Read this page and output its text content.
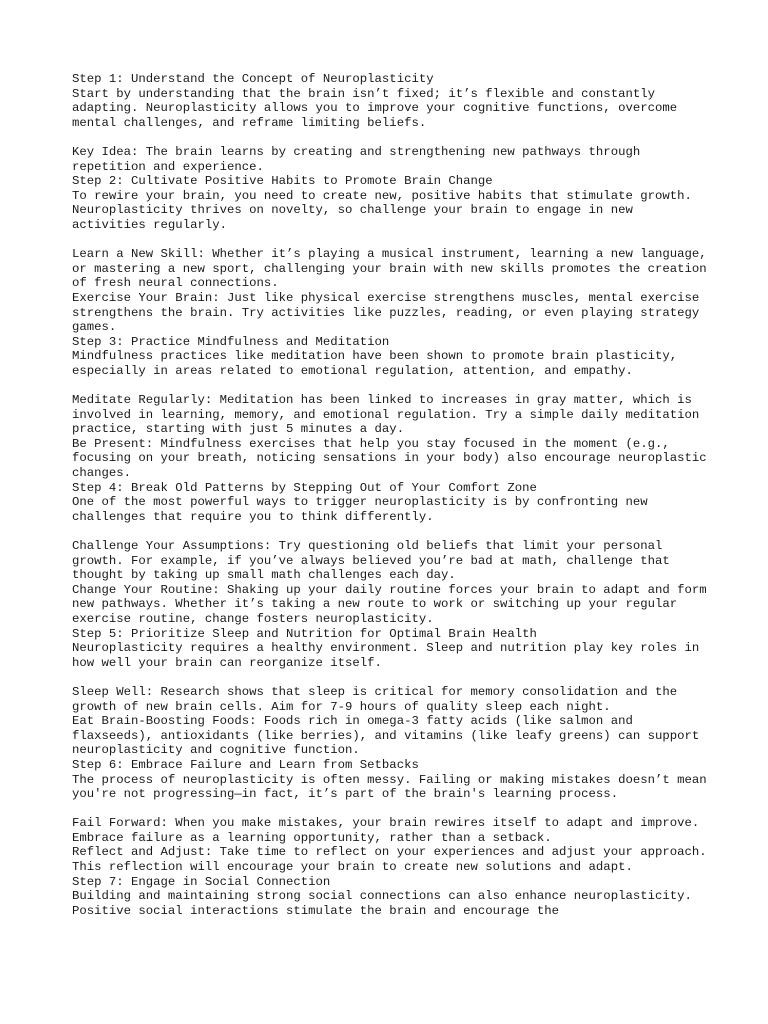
Step 1: Understand the Concept of Neuroplasticity

Start by understanding that the brain isn’t fixed; it’s flexible and constantly adapting. Neuroplasticity allows you to improve your cognitive functions, overcome mental challenges, and reframe limiting beliefs.

Key Idea: The brain learns by creating and strengthening new pathways through repetition and experience.

Step 2: Cultivate Positive Habits to Promote Brain Change

To rewire your brain, you need to create new, positive habits that stimulate growth. Neuroplasticity thrives on novelty, so challenge your brain to engage in new activities regularly.

Learn a New Skill: Whether it’s playing a musical instrument, learning a new language, or mastering a new sport, challenging your brain with new skills promotes the creation of fresh neural connections.

Exercise Your Brain: Just like physical exercise strengthens muscles, mental exercise strengthens the brain. Try activities like puzzles, reading, or even playing strategy games.

Step 3: Practice Mindfulness and Meditation

Mindfulness practices like meditation have been shown to promote brain plasticity, especially in areas related to emotional regulation, attention, and empathy.

Meditate Regularly: Meditation has been linked to increases in gray matter, which is involved in learning, memory, and emotional regulation. Try a simple daily meditation practice, starting with just 5 minutes a day.

Be Present: Mindfulness exercises that help you stay focused in the moment (e.g., focusing on your breath, noticing sensations in your body) also encourage neuroplastic changes.

Step 4: Break Old Patterns by Stepping Out of Your Comfort Zone

One of the most powerful ways to trigger neuroplasticity is by confronting new challenges that require you to think differently.

Challenge Your Assumptions: Try questioning old beliefs that limit your personal growth. For example, if you’ve always believed you’re bad at math, challenge that thought by taking up small math challenges each day.

Change Your Routine: Shaking up your daily routine forces your brain to adapt and form new pathways. Whether it’s taking a new route to work or switching up your regular exercise routine, change fosters neuroplasticity.

Step 5: Prioritize Sleep and Nutrition for Optimal Brain Health

Neuroplasticity requires a healthy environment. Sleep and nutrition play key roles in how well your brain can reorganize itself.

Sleep Well: Research shows that sleep is critical for memory consolidation and the growth of new brain cells. Aim for 7-9 hours of quality sleep each night.

Eat Brain-Boosting Foods: Foods rich in omega-3 fatty acids (like salmon and flaxseeds), antioxidants (like berries), and vitamins (like leafy greens) can support neuroplasticity and cognitive function.

Step 6: Embrace Failure and Learn from Setbacks

The process of neuroplasticity is often messy. Failing or making mistakes doesn’t mean you're not progressing—in fact, it’s part of the brain's learning process.

Fail Forward: When you make mistakes, your brain rewires itself to adapt and improve. Embrace failure as a learning opportunity, rather than a setback.

Reflect and Adjust: Take time to reflect on your experiences and adjust your approach. This reflection will encourage your brain to create new solutions and adapt.

Step 7: Engage in Social Connection

Building and maintaining strong social connections can also enhance neuroplasticity. Positive social interactions stimulate the brain and encourage the
